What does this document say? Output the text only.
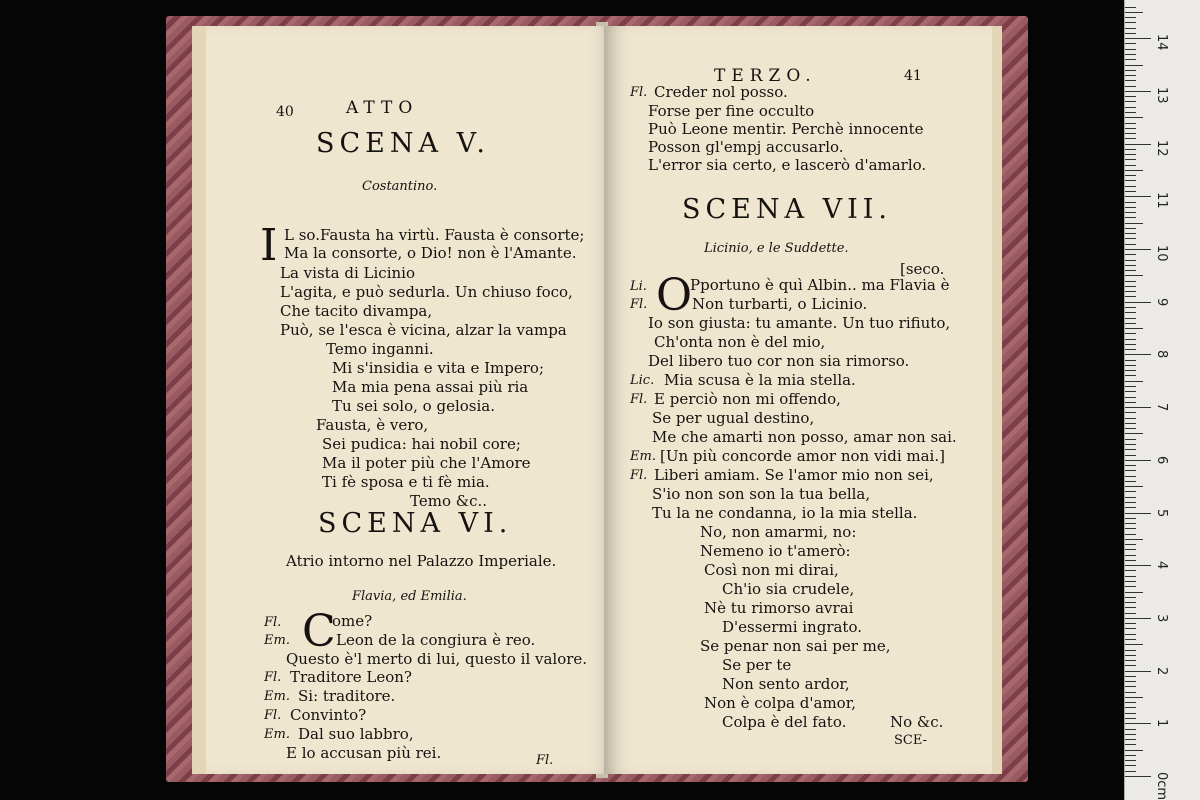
40	ATTO
SCENA V.
Costantino.
I L so.Fausta ha virtù. Fausta è consorte;
Ma la consorte, o Dio! non è l'Amante.
La vista di Licinio
L'agita, e può sedurla. Un chiuso foco,
Che tacito divampa,
Può, se l'esca è vicina, alzar la vampa
Temo inganni.
Mi s'insidia e vita e Impero;
Ma mia pena assai più ria
Tu sei solo, o gelosia.
Fausta, è vero,
Sei pudica: hai nobil core;
Ma il poter più che l'Amore
Ti fè sposa e ti fè mia.
Temo &c..
SCENA VI.
Atrio intorno nel Palazzo Imperiale.
Flavia, ed Emilia.
C
Fl.	ome?
Em.	Leon de la congiura è reo.
Questo è'l merto di lui, questo il valore.
Fl. Traditore Leon?
Em. Si: traditore.
Fl. Convinto?
Em. Dal suo labbro,
E lo accusan più rei.	Fl.
TERZO.	41
Fl. Creder nol posso.
Forse per fine occulto
Può Leone mentir. Perchè innocente
Posson gl'empj accusarlo.
L'error sia certo, e lascerò d'amarlo.
SCENA VII.
Licinio, e le Suddette.
[seco.
O
Li.	Pportuno è quì Albin.. ma Flavia è
Fl.	Non turbarti, o Licinio.
Io son giusta: tu amante. Un tuo rifiuto,
Ch'onta non è del mio,
Del libero tuo cor non sia rimorso.
Lic. Mia scusa è la mia stella.
Fl. E perciò non mi offendo,
Se per ugual destino,
Me che amarti non posso, amar non sai.
Em. [Un più concorde amor non vidi mai.]
Fl. Liberi amiam. Se l'amor mio non sei,
S'io non son son la tua bella,
Tu la ne condanna, io la mia stella.
No, non amarmi, no:
Nemeno io t'amerò:
Così non mi dirai,
Ch'io sia crudele,
Nè tu rimorso avrai
D'essermi ingrato.
Se penar non sai per me,
Se per te
Non sento ardor,
Non è colpa d'amor,
Colpa è del fato.	No &c.
SCE-
0cm
1
2
3
4
5
6
7
8
9
10
11
12
13
14
